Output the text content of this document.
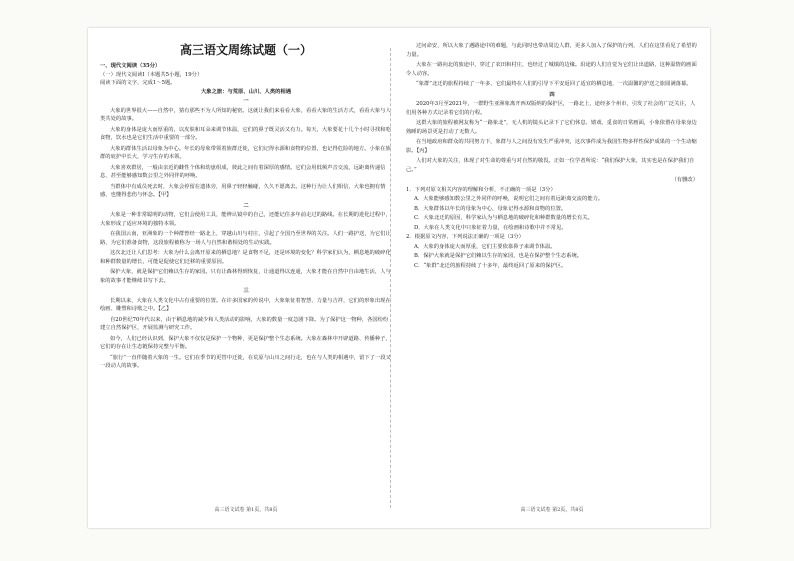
高三语文周练试题（一）
一、现代文阅读（35分）
（一）现代文阅读Ⅰ（本题共5小题，19分）
阅读下面的文字，完成1～5题。
大象之旅：与荒原、山川、人类的相遇
一

大象的世界很大——自然中，猜有那些不为人所知的秘密。这就让我们来看看大象，看看大象的生活方式，看看大象与人类共处的故事。

大象的身体是庞大而厚重的，以皮肤和耳朵来调节体温，它们的鼻子既灵活又有力。每天，大象要花十几个小时寻找和吃食物，饮水也是它们生活中重要的一部分。

大象的群体生活以母象为中心。年长的母象带领着族群迁徙，它们记得水源和食物的位置，也记得危险的地方。小象在族群的庇护中长大，学习生存的本领。

大象喜欢群居，一般由亲近的雌性个体和幼崽组成，彼此之间有着深厚的感情。它们会用低频声音交流，远距离传递信息，甚至能够感知数公里之外同伴的呼唤。

当群体中有成员死去时，大象会停留在遗体旁，用鼻子轻轻触碰，久久不愿离去。这种行为让人们相信，大象也拥有情感，也懂得悲伤与怀念。【甲】

二

大象是一种非常聪明的动物，它们会使用工具，能辨认镜中的自己，还能记住多年前走过的路线。在长期的进化过程中，大象形成了适应环境的独特本领。

在我国云南，亚洲象的一个种群曾经一路北上，穿越山川与村庄，引起了全国乃至世界的关注。人们一路护送，为它们让路，为它们准备食物，这段旅程被称为一场人与自然和谐相处的生动实践。

这次北迁让人们思考：大象为什么会离开原来的栖息地？是食物不足，还是环境的变化？科学家们认为，栖息地的破碎化和种群数量的增长，可能是促使它们迁移的重要原因。

保护大象，就是保护它们赖以生存的家园。只有让森林得到恢复，让通道得以连通，大象才能在自然中自由地生活，人与象的故事才能继续书写下去。

三

长期以来，大象在人类文化中占有重要的位置。在许多国家的传说中，大象象征着智慧、力量与吉祥，它们的形象出现在绘画、雕塑和诗歌之中。【乙】

自20世纪70年代以来，由于栖息地的减少和人类活动的影响，大象的数量一度急剧下降。为了保护这一物种，各国纷纷建立自然保护区，开展监测与研究工作。

如今，人们已经认识到，保护大象不仅仅是保护一个物种，更是保护整个生态系统。大象在森林中开辟道路、传播种子，它们的存在让生态链保持完整与平衡。

“旅行”一直伴随着大象的一生。它们在季节的更替中迁徙，在荒原与山川之间行走，也在与人类的相遇中，留下了一段又一段动人的故事。

高三语文试卷 第1页，共8页

过问命安，所以大象了遇路途中的难题，与此同时也带动周边人群，更多人加入了保护的行列，人们在这里看见了希望的力量。

大象在一路向北的旅途中，穿过了农田和村庄，也经过了城镇的边缘。沿途的人们自觉为它们让出道路，这种温情的画面令人动容。

“象群”北迁的旅程持续了一年多，它们最终在人们的引导下平安返回了适宜的栖息地，一次温馨的护送之旅圆满落幕。

四

2020年3月至2021年，一群野生亚洲象离开西双版纳的保护区，一路北上，途经多个州市，引发了社会的广泛关注，人们用各种方式记录着它们的行程。

这群大象的旅程被网友称为“一路象北”，无人机的镜头记录下了它们休息、嬉戏、觅食的日常画面，小象依偎在母象身边熟睡的场景更是打动了无数人。

在当地政府和群众的共同努力下，象群与人之间没有发生严重冲突，这次事件成为我国生物多样性保护成果的一个生动缩影。【丙】

人们对大象的关注，体现了对生命的尊重与对自然的敬畏。正如一位学者所说：“我们保护大象，其实也是在保护我们自己。”

（有删改）
1．下列对原文相关内容的理解和分析，不正确的一项是（3分）
A．大象能够感知数公里之外同伴的呼唤，说明它们之间有着远距离交流的能力。
B．大象群体以年长的母象为中心，母象记得水源和食物的位置。
C．大象北迁的原因，科学家认为与栖息地的破碎化和种群数量的增长有关。
D．大象在人类文化中只象征着力量，在绘画和诗歌中并不常见。
2．根据原文内容，下列说法正确的一项是（3分）
A．大象的身体庞大而厚重，它们主要依靠鼻子来调节体温。
B．保护大象就是保护它们赖以生存的家园，也是在保护整个生态系统。
C．“象群”北迁的旅程持续了十多年，最终返回了原来的保护区。
高三语文试卷 第2页，共8页
